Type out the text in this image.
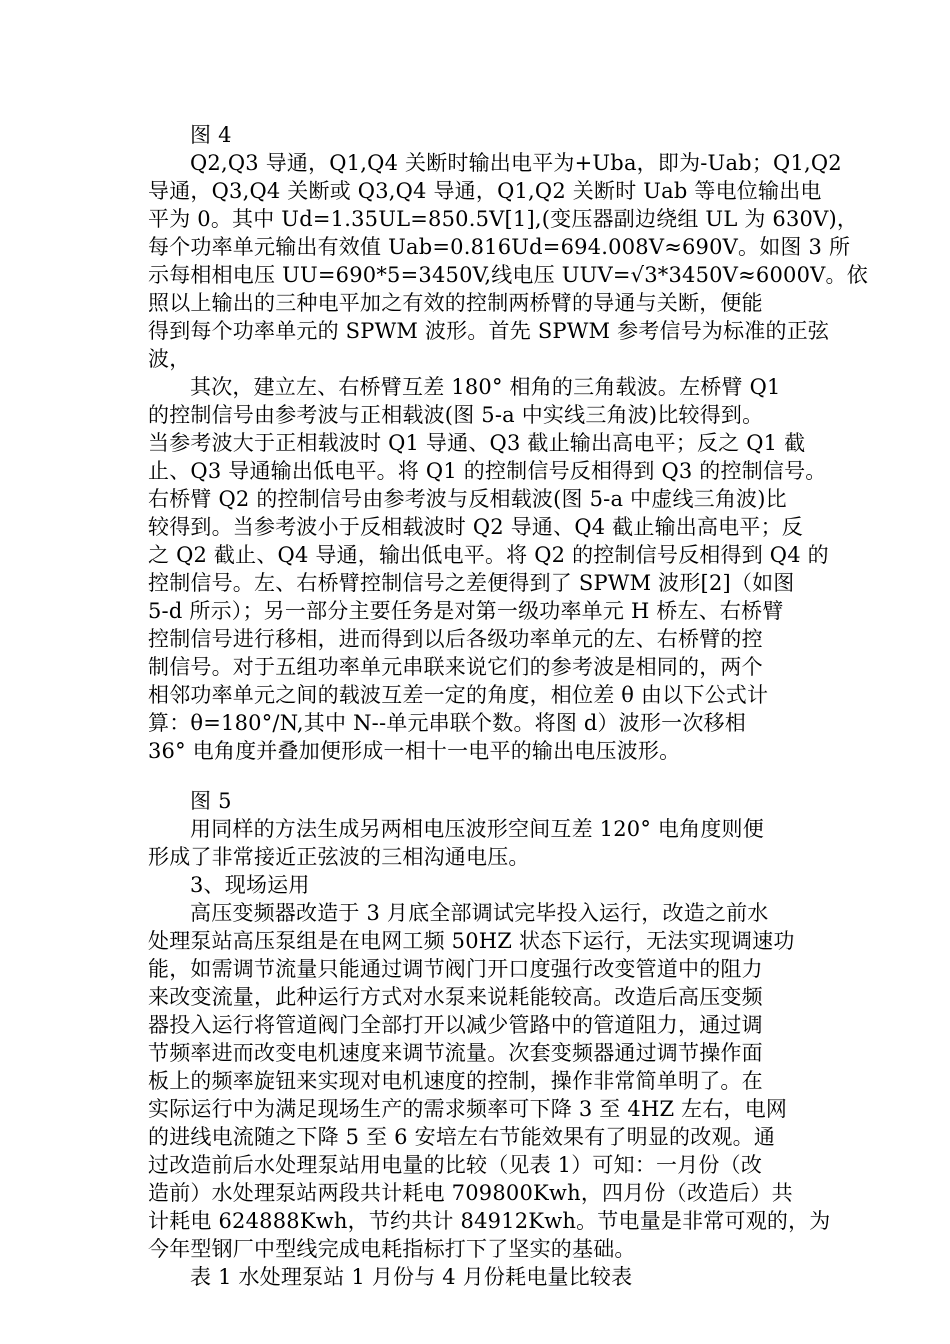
图 4
Q2,Q3 导通，Q1,Q4 关断时输出电平为+Uba，即为-Uab；Q1,Q2
导通，Q3,Q4 关断或 Q3,Q4 导通，Q1,Q2 关断时 Uab 等电位输出电
平为 0。其中 Ud=1.35UL=850.5V[1],(变压器副边绕组 UL 为 630V)，
每个功率单元输出有效值 Uab=0.816Ud=694.008V≈690V。如图 3 所
示每相相电压 UU=690*5=3450V,线电压 UUV=√3*3450V≈6000V。依
照以上输出的三种电平加之有效的控制两桥臂的导通与关断，便能
得到每个功率单元的 SPWM 波形。首先 SPWM 参考信号为标准的正弦
波，
其次，建立左、右桥臂互差 180° 相角的三角载波。左桥臂 Q1
的控制信号由参考波与正相载波(图 5-a 中实线三角波)比较得到。
当参考波大于正相载波时 Q1 导通、Q3 截止输出高电平；反之 Q1 截
止、Q3 导通输出低电平。将 Q1 的控制信号反相得到 Q3 的控制信号。
右桥臂 Q2 的控制信号由参考波与反相载波(图 5-a 中虚线三角波)比
较得到。当参考波小于反相载波时 Q2 导通、Q4 截止输出高电平；反
之 Q2 截止、Q4 导通，输出低电平。将 Q2 的控制信号反相得到 Q4 的
控制信号。左、右桥臂控制信号之差便得到了 SPWM 波形[2]（如图
5-d 所示）；另一部分主要任务是对第一级功率单元 H 桥左、右桥臂
控制信号进行移相，进而得到以后各级功率单元的左、右桥臂的控
制信号。对于五组功率单元串联来说它们的参考波是相同的，两个
相邻功率单元之间的载波互差一定的角度，相位差 θ 由以下公式计
算：θ=180°/N,其中 N--单元串联个数。将图 d）波形一次移相
36° 电角度并叠加便形成一相十一电平的输出电压波形。
图 5
用同样的方法生成另两相电压波形空间互差 120° 电角度则便
形成了非常接近正弦波的三相沟通电压。
3、现场运用
高压变频器改造于 3 月底全部调试完毕投入运行，改造之前水
处理泵站高压泵组是在电网工频 50HZ 状态下运行，无法实现调速功
能，如需调节流量只能通过调节阀门开口度强行改变管道中的阻力
来改变流量，此种运行方式对水泵来说耗能较高。改造后高压变频
器投入运行将管道阀门全部打开以减少管路中的管道阻力，通过调
节频率进而改变电机速度来调节流量。次套变频器通过调节操作面
板上的频率旋钮来实现对电机速度的控制，操作非常简单明了。在
实际运行中为满足现场生产的需求频率可下降 3 至 4HZ 左右，电网
的进线电流随之下降 5 至 6 安培左右节能效果有了明显的改观。通
过改造前后水处理泵站用电量的比较（见表 1）可知：一月份（改
造前）水处理泵站两段共计耗电 709800Kwh，四月份（改造后）共
计耗电 624888Kwh，节约共计 84912Kwh。节电量是非常可观的，为
今年型钢厂中型线完成电耗指标打下了坚实的基础。
表 1 水处理泵站 1 月份与 4 月份耗电量比较表
